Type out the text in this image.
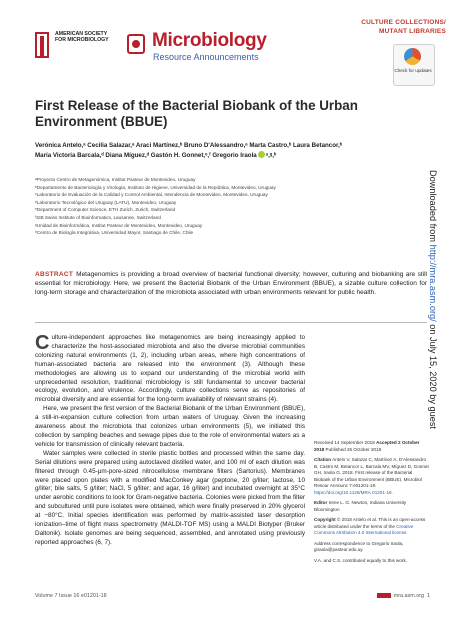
AMERICAN SOCIETY FOR MICROBIOLOGY	Microbiology
Resource Announcements
CULTURE COLLECTIONS/ MUTANT LIBRARIES
Check for updates
First Release of the Bacterial Biobank of the Urban Environment (BBUE)
Verónica Antelo,ᵃ Cecilia Salazar,ᵃ Araci Martínez,ᵇ Bruno D'Alessandro,ᵃ Marta Castro,ᵇ Laura Betancor,ᵇ
María Victoria Barcala,ᵈ Diana Míguez,ᵈ Gastón H. Gonnet,ᵉ,ᶠ Gregorio Iraola ᵃ,ᵍ,ʰ
ᵃProyecto Centro de Metagenómica, Institut Pasteur de Montevideo, Uruguay
ᵇDepartamento de Bacteriología y Virología, Instituto de Higiene, Universidad de la República, Montevideo, Uruguay
ᶜLaboratorio de Evaluación de la Calidad y Control Ambiental, Intendencia de Montevideo, Montevideo, Uruguay
ᵈLaboratorio Tecnológico del Uruguay (LATU), Montevideo, Uruguay
ᵉDepartment of Computer Science, ETH Zurich, Zurich, Switzerland
ᶠSIB Swiss Institute of Bioinformatics, Lausanne, Switzerland
ᵍUnidad de Bioinformática, Institut Pasteur de Montevideo, Montevideo, Uruguay
ʰCentro de Biología Integrativa, Universidad Mayor, Santiago de Chile, Chile
ABSTRACT Metagenomics is providing a broad overview of bacterial functional diversity; however, culturing and biobanking are still essential for microbiology. Here, we present the Bacterial Biobank of the Urban Environment (BBUE), a sizable culture collection for long-term storage and characterization of the microbiota associated with urban environments relevant for public health.

Culture-independent approaches like metagenomics are being increasingly applied to characterize the host-associated microbiota and also the diverse microbial communities colonizing natural environments (1, 2), including urban areas, where high concentrations of human-associated bacteria are released into the environment (3). Although these methodologies are allowing us to expand our understanding of the microbial world with unprecedented resolution, traditional microbiology is still fundamental to uncover bacterial ecology, evolution, and virulence. Accordingly, culture collections serve as repositories of microbial diversity and are essential for the long-term availability of relevant strains (4).

Here, we present the first version of the Bacterial Biobank of the Urban Environment (BBUE), a still-in-expansion culture collection from urban waters of Uruguay. Given the increasing awareness about the microbiota that colonizes urban environments (5), we initiated this collection by sampling beaches and sewage pipes due to the role of environmental waters as a vehicle for transmission of clinically relevant bacteria.

Water samples were collected in sterile plastic bottles and processed within the same day. Serial dilutions were prepared using autoclaved distilled water, and 100 ml of each dilution was filtered through 0.45-μm-pore-sized nitrocellulose membrane filters (Sartorius). Membranes were placed upon plates with a modified MacConkey agar (peptone, 20 g/liter; lactose, 10 g/liter; bile salts, 5 g/liter; NaCl, 5 g/liter; and agar, 16 g/liter) and incubated overnight at 35°C under aerobic conditions to look for Gram-negative bacteria. Colonies were picked from the filter and subcultured until pure isolates were obtained, which were finally preserved in 20% glycerol at −80°C. Initial species identification was performed by matrix-assisted laser desorption ionization–time of flight mass spectrometry (MALDI-TOF MS) using a MALDI Biotyper (Bruker Daltonik). Isolate genomes are being sequenced, assembled, and annotated using previously reported approaches (6, 7).

Received 14 September 2018 Accepted 2 October 2018 Published 25 October 2018

Citation Antelo V, Salazar C, Martínez A, D'Alessandro B, Castro M, Betancor L, Barcala MV, Míguez D, Gonnet GH, Iraola G. 2018. First release of the Bacterial Biobank of the Urban Environment (BBUE). Microbiol Resour Announc 7:e01201-18. https://doi.org/10.1128/MRA.01201-18.

Editor Irene L. G. Newton, Indiana University Bloomington

Copyright © 2018 Antelo et al. This is an open-access article distributed under the terms of the Creative Commons Attribution 4.0 International license.

Address correspondence to Gregorio Iraola, giraola@pasteur.edu.uy.

V.A. and C.S. contributed equally to this work.

Downloaded from http://mra.asm.org/ on July 15, 2020 by guest
Volume 7 Issue 16 e01201-18	mra.asm.org 1
